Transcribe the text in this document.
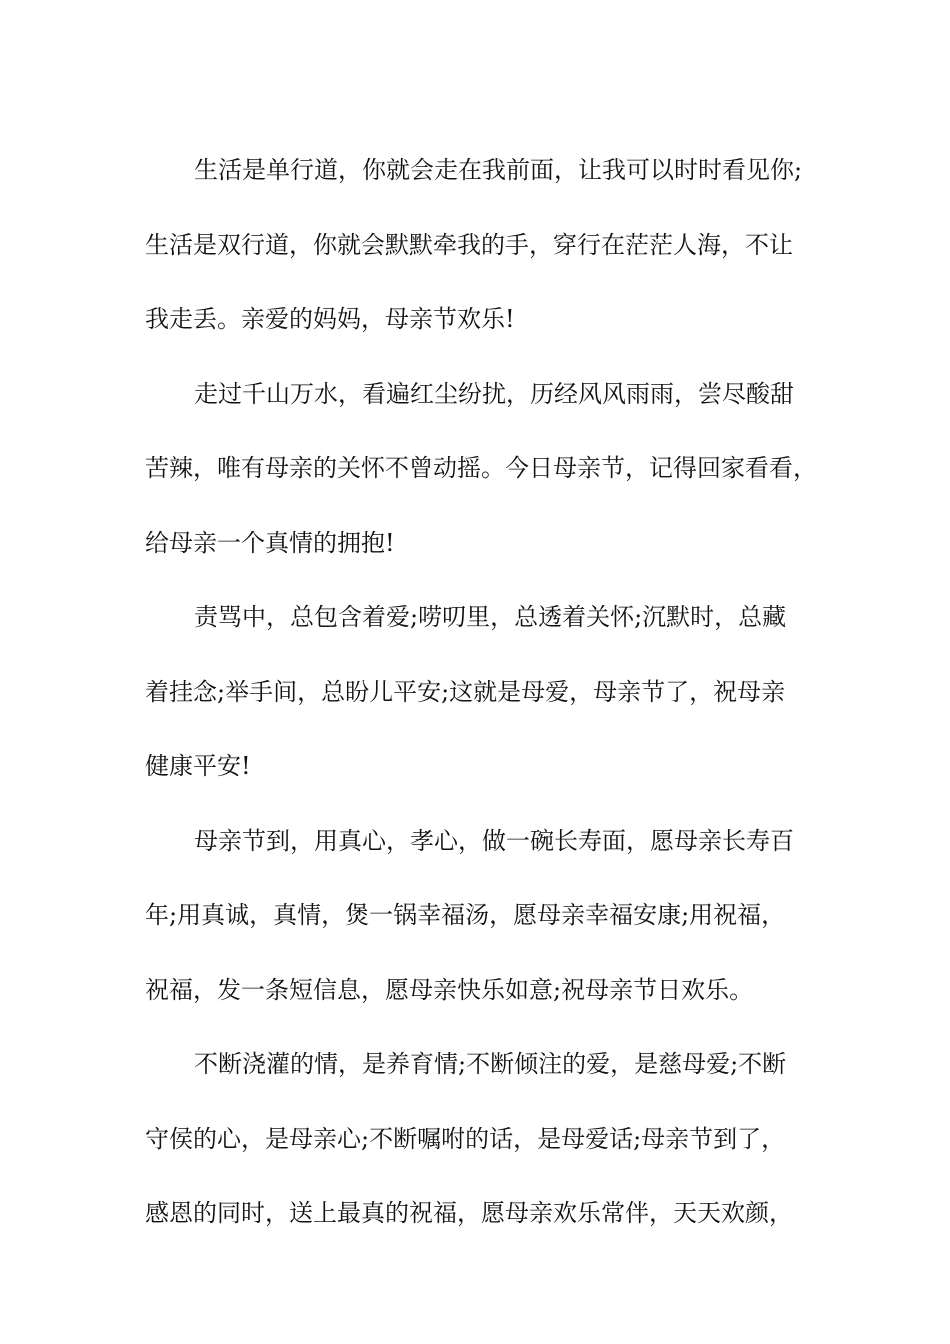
生活是单行道，你就会走在我前面，让我可以时时看见你;
生活是双行道，你就会默默牵我的手，穿行在茫茫人海，不让
我走丢。亲爱的妈妈，母亲节欢乐!
走过千山万水，看遍红尘纷扰，历经风风雨雨，尝尽酸甜
苦辣，唯有母亲的关怀不曾动摇。今日母亲节，记得回家看看，
给母亲一个真情的拥抱!
责骂中，总包含着爱;唠叨里，总透着关怀;沉默时，总藏
着挂念;举手间，总盼儿平安;这就是母爱，母亲节了，祝母亲
健康平安!
母亲节到，用真心，孝心，做一碗长寿面，愿母亲长寿百
年;用真诚，真情，煲一锅幸福汤，愿母亲幸福安康;用祝福，
祝福，发一条短信息，愿母亲快乐如意;祝母亲节日欢乐。
不断浇灌的情，是养育情;不断倾注的爱，是慈母爱;不断
守侯的心，是母亲心;不断嘱咐的话，是母爱话;母亲节到了，
感恩的同时，送上最真的祝福，愿母亲欢乐常伴，天天欢颜，
